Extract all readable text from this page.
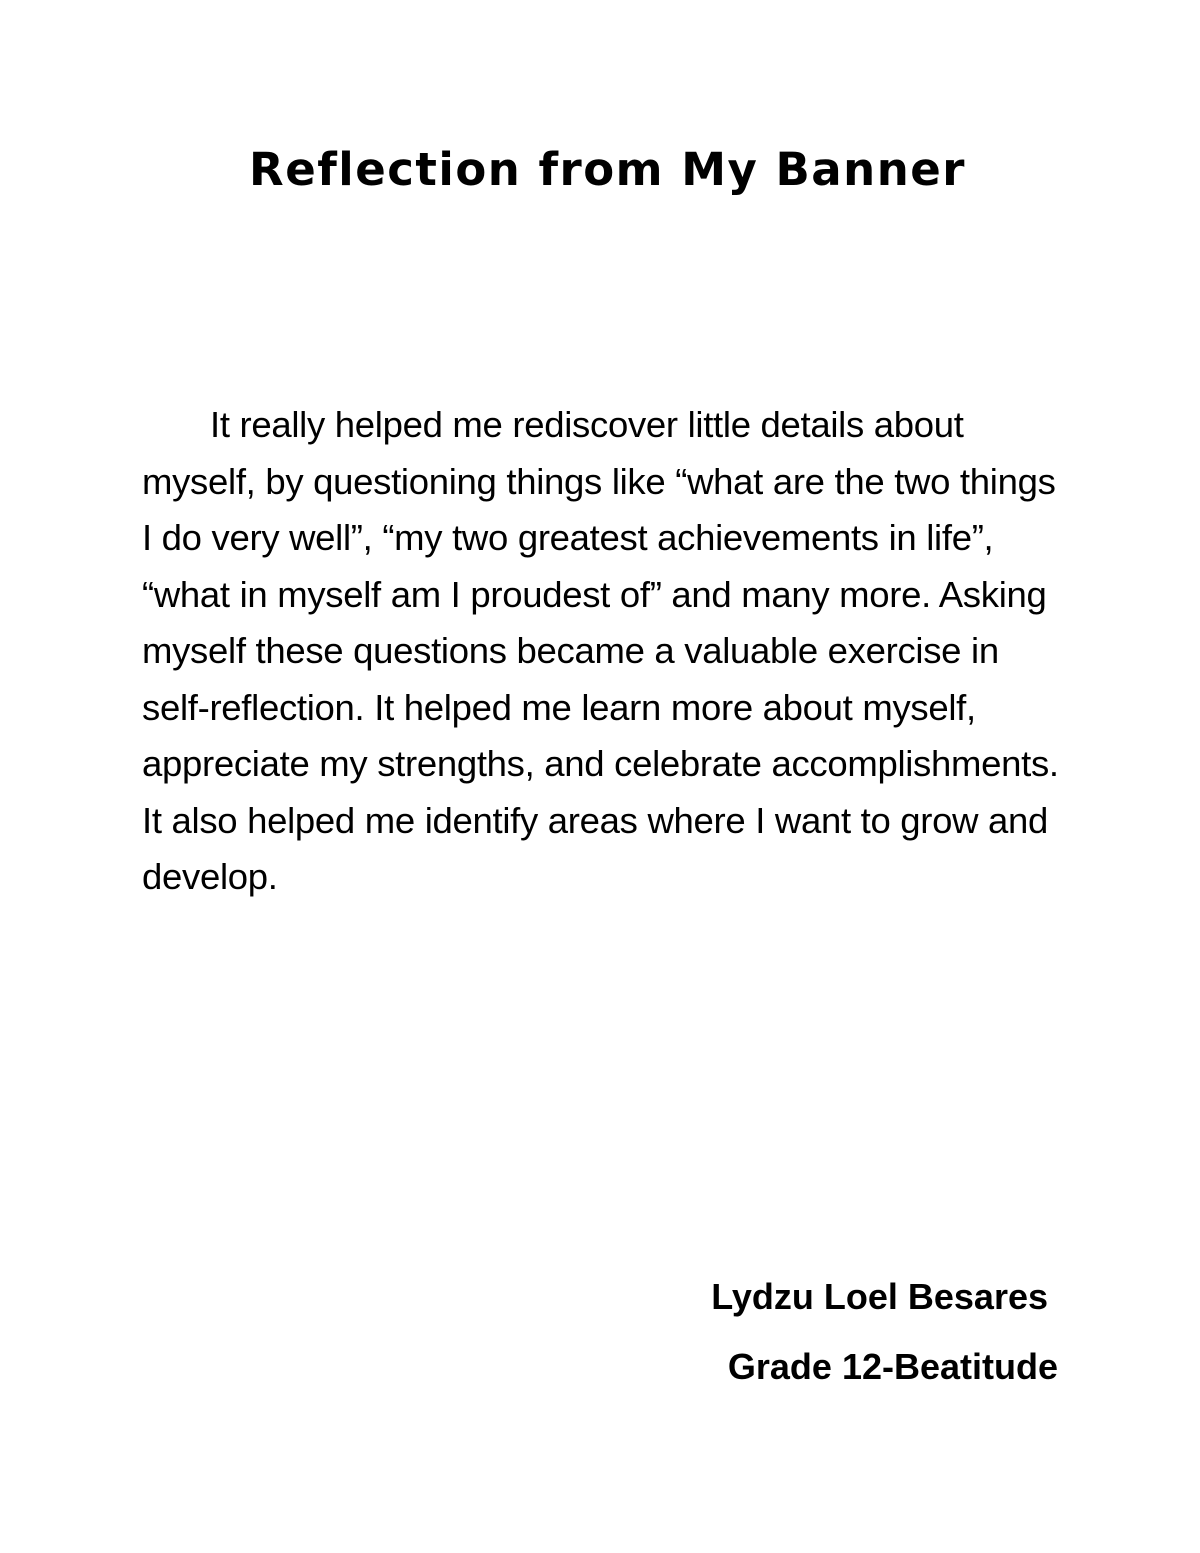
Reflection from My Banner

It really helped me rediscover little details about myself, by questioning things like “what are the two things I do very well”, “my two greatest achievements in life”, “what in myself am I proudest of” and many more. Asking myself these questions became a valuable exercise in self-reflection. It helped me learn more about myself, appreciate my strengths, and celebrate accomplishments. It also helped me identify areas where I want to grow and develop.

Lydzu Loel Besares

Grade 12-Beatitude
